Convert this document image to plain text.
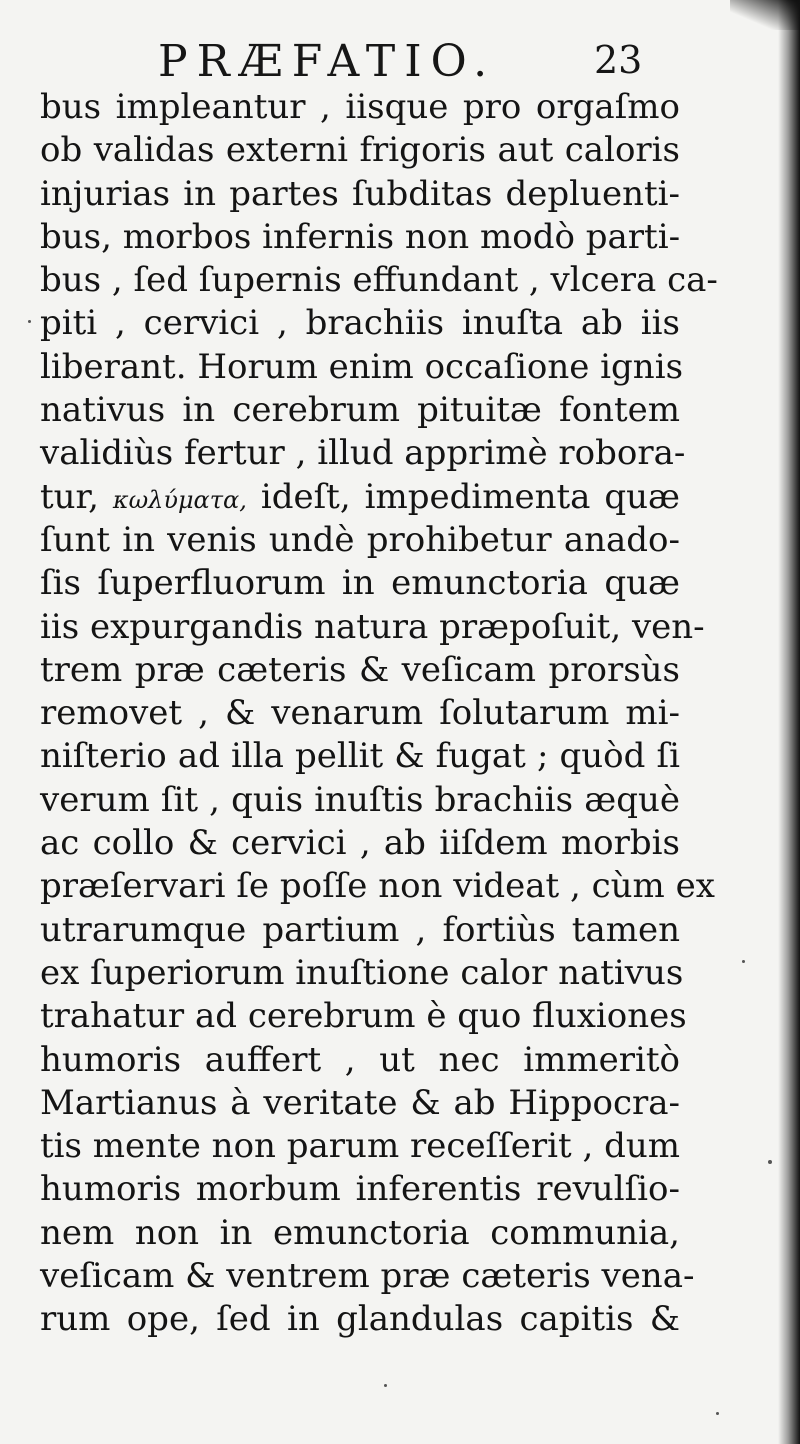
PRÆFATIO.	23
bus impleantur , iisque pro orgaſmo
ob validas externi frigoris aut caloris
injurias in partes ſubditas depluenti-
bus, morbos infernis non modò parti-
bus , ſed ſupernis effundant , vlcera ca-
piti , cervici , brachiis inuſta ab iis
liberant. Horum enim occaſione ignis
nativus in cerebrum pituitæ fontem
validiùs fertur , illud apprimè robora-
tur, κωλύματα, ideſt, impedimenta quæ
ſunt in venis undè prohibetur anado-
ſis ſuperfluorum in emunctoria quæ
iis expurgandis natura præpoſuit, ven-
trem præ cæteris & veſicam prorsùs
removet , & venarum ſolutarum mi-
niſterio ad illa pellit & fugat ; quòd ſi
verum ſit , quis inuſtis brachiis æquè
ac collo & cervici , ab iiſdem morbis
præſervari ſe poſſe non videat , cùm ex
utrarumque partium , fortiùs tamen
ex ſuperiorum inuſtione calor nativus
trahatur ad cerebrum è quo fluxiones
humoris auffert , ut nec immeritò
Martianus à veritate & ab Hippocra-
tis mente non parum receſſerit , dum
humoris morbum inferentis revulſio-
nem non in emunctoria communia,
veſicam & ventrem præ cæteris vena-
rum ope, ſed in glandulas capitis &
